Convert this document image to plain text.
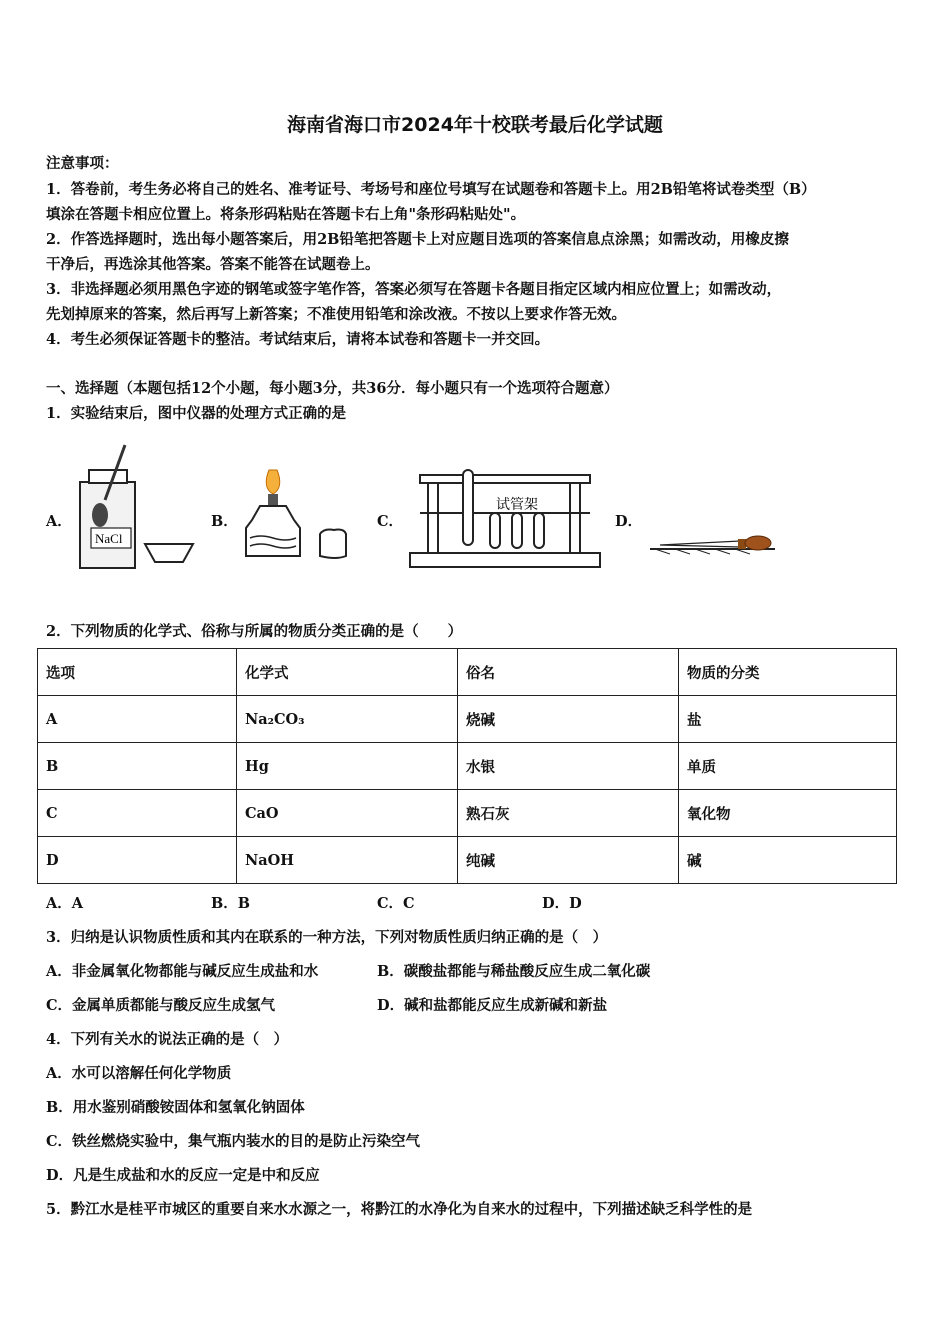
海南省海口市2024年十校联考最后化学试题
注意事项：
1．答卷前，考生务必将自己的姓名、准考证号、考场号和座位号填写在试题卷和答题卡上。用2B铅笔将试卷类型（B）
填涂在答题卡相应位置上。将条形码粘贴在答题卡右上角"条形码粘贴处"。
2．作答选择题时，选出每小题答案后，用2B铅笔把答题卡上对应题目选项的答案信息点涂黑；如需改动，用橡皮擦
干净后，再选涂其他答案。答案不能答在试题卷上。
3．非选择题必须用黑色字迹的钢笔或签字笔作答，答案必须写在答题卡各题目指定区域内相应位置上；如需改动，
先划掉原来的答案，然后再写上新答案；不准使用铅笔和涂改液。不按以上要求作答无效。
4．考生必须保证答题卡的整洁。考试结束后，请将本试卷和答题卡一并交回。
一、选择题（本题包括12个小题，每小题3分，共36分．每小题只有一个选项符合题意）
1．实验结束后，图中仪器的处理方式正确的是
A．	B．	C．	D．
NaCl
试管架
2．下列物质的化学式、俗称与所属的物质分类正确的是（　　）
选项	化学式	俗名	物质的分类
A	Na₂CO₃	烧碱	盐
B	Hg	水银	单质
C	CaO	熟石灰	氧化物
D	NaOH	纯碱	碱
A．A	B．B	C．C	D．D
3．归纳是认识物质性质和其内在联系的一种方法，下列对物质性质归纳正确的是（　）
A．非金属氧化物都能与碱反应生成盐和水	B．碳酸盐都能与稀盐酸反应生成二氧化碳
C．金属单质都能与酸反应生成氢气	D．碱和盐都能反应生成新碱和新盐
4．下列有关水的说法正确的是（　）
A．水可以溶解任何化学物质
B．用水鉴别硝酸铵固体和氢氧化钠固体
C．铁丝燃烧实验中，集气瓶内装水的目的是防止污染空气
D．凡是生成盐和水的反应一定是中和反应
5．黔江水是桂平市城区的重要自来水水源之一，将黔江的水净化为自来水的过程中，下列描述缺乏科学性的是
